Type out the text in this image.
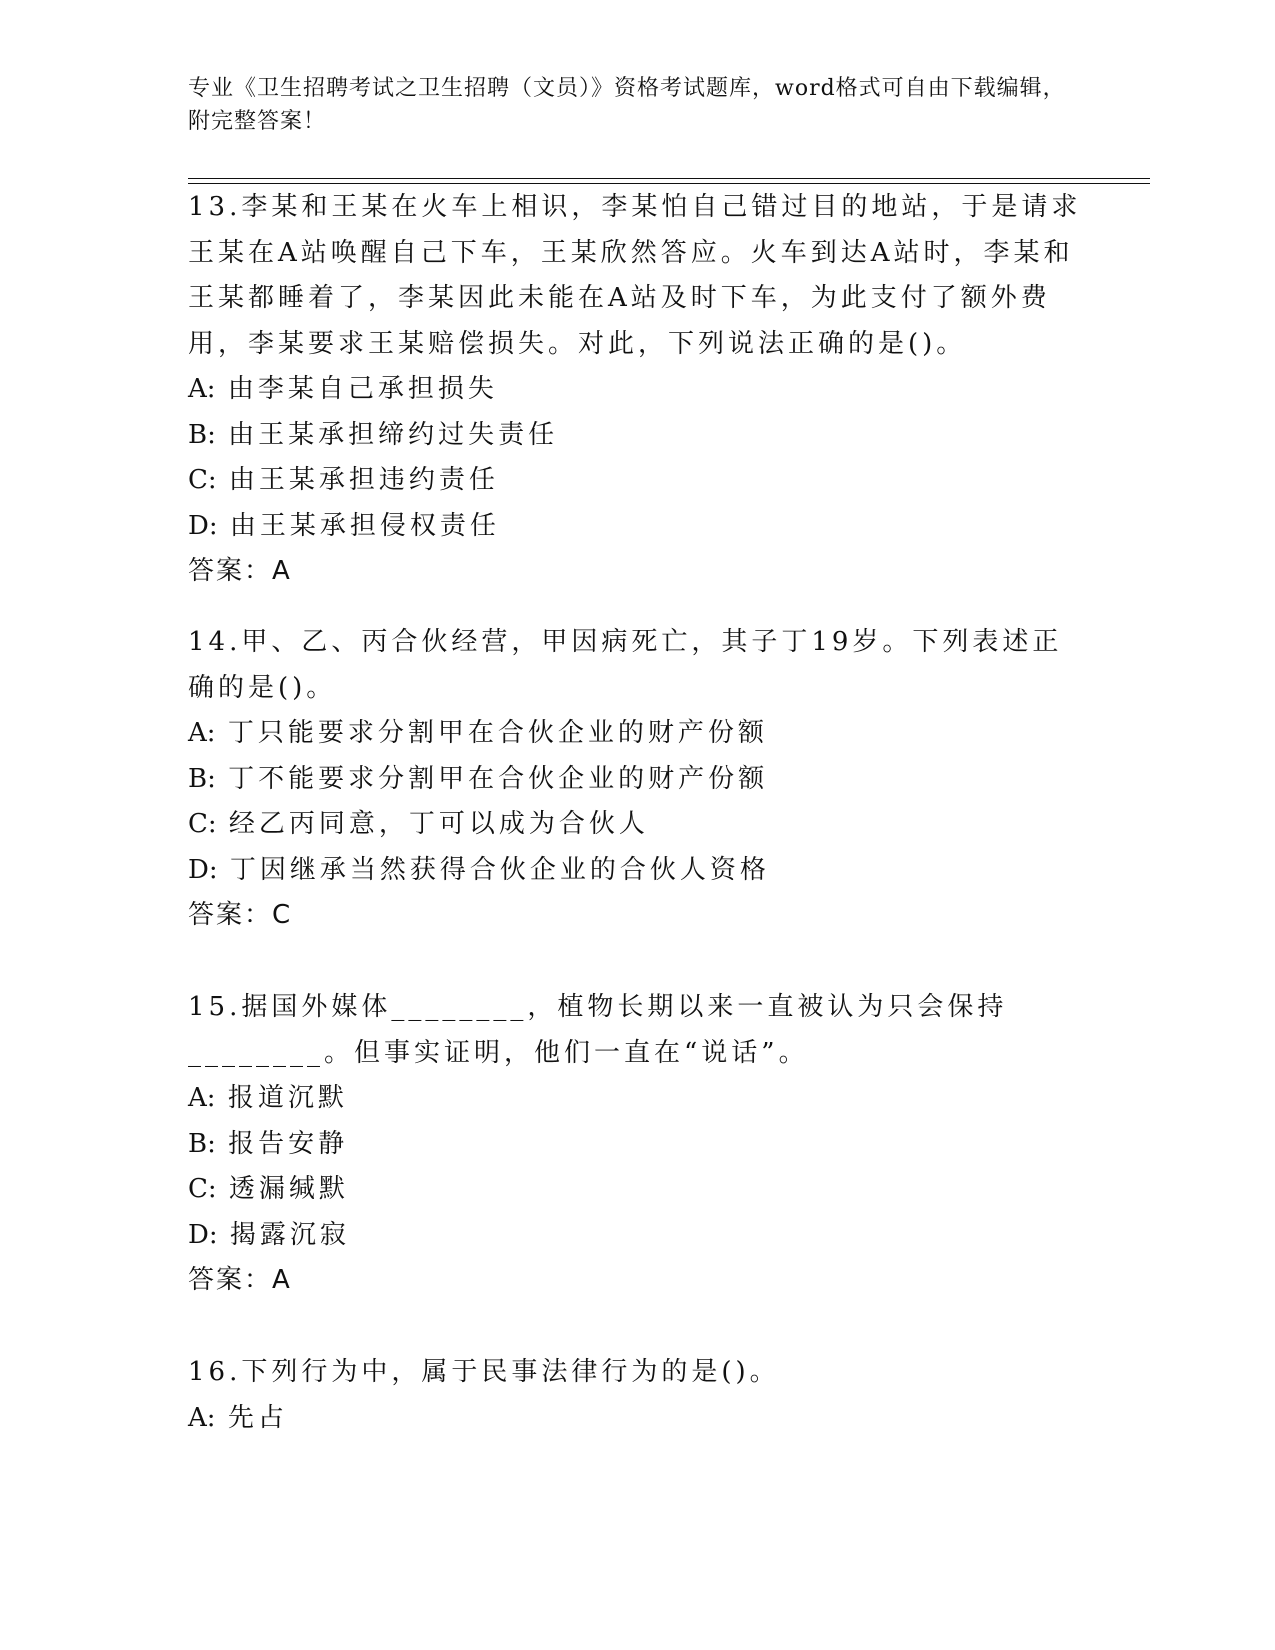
专业《卫生招聘考试之卫生招聘（文员）》资格考试题库，word格式可自由下载编辑，附完整答案！

13.李某和王某在火车上相识，李某怕自己错过目的地站，于是请求王某在A站唤醒自己下车，王某欣然答应。火车到达A站时，李某和王某都睡着了，李某因此未能在A站及时下车，为此支付了额外费用，李某要求王某赔偿损失。对此，下列说法正确的是()。

A: 由李某自己承担损失

B: 由王某承担缔约过失责任

C: 由王某承担违约责任

D: 由王某承担侵权责任

答案：A

14.甲、乙、丙合伙经营，甲因病死亡，其子丁19岁。下列表述正确的是()。

A: 丁只能要求分割甲在合伙企业的财产份额

B: 丁不能要求分割甲在合伙企业的财产份额

C: 经乙丙同意，丁可以成为合伙人

D: 丁因继承当然获得合伙企业的合伙人资格

答案：C

15.据国外媒体________，植物长期以来一直被认为只会保持________。但事实证明，他们一直在“说话”。

A: 报道沉默

B: 报告安静

C: 透漏缄默

D: 揭露沉寂

答案：A

16.下列行为中，属于民事法律行为的是()。

A: 先占
